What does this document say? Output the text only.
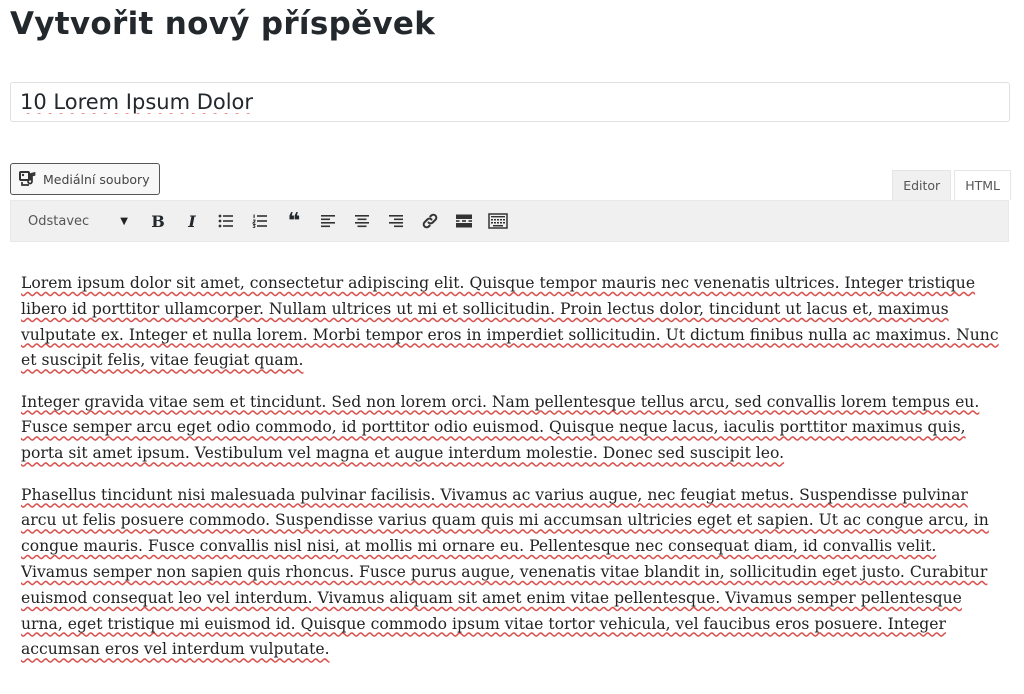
Vytvořit nový příspěvek
10 Lorem Ipsum Dolor
Mediální soubory	Editor	HTML
Odstavec	▼ B I	❝

Lorem ipsum dolor sit amet, consectetur adipiscing elit. Quisque tempor mauris nec venenatis ultrices. Integer tristique libero id porttitor ullamcorper. Nullam ultrices ut mi et sollicitudin. Proin lectus dolor, tincidunt ut lacus et, maximus vulputate ex. Integer et nulla lorem. Morbi tempor eros in imperdiet sollicitudin. Ut dictum finibus nulla ac maximus. Nunc et suscipit felis, vitae feugiat quam.

Integer gravida vitae sem et tincidunt. Sed non lorem orci. Nam pellentesque tellus arcu, sed convallis lorem tempus eu. Fusce semper arcu eget odio commodo, id porttitor odio euismod. Quisque neque lacus, iaculis porttitor maximus quis, porta sit amet ipsum. Vestibulum vel magna et augue interdum molestie. Donec sed suscipit leo.

Phasellus tincidunt nisi malesuada pulvinar facilisis. Vivamus ac varius augue, nec feugiat metus. Suspendisse pulvinar arcu ut felis posuere commodo. Suspendisse varius quam quis mi accumsan ultricies eget et sapien. Ut ac congue arcu, in congue mauris. Fusce convallis nisl nisi, at mollis mi ornare eu. Pellentesque nec consequat diam, id convallis velit. Vivamus semper non sapien quis rhoncus. Fusce purus augue, venenatis vitae blandit in, sollicitudin eget justo. Curabitur euismod consequat leo vel interdum. Vivamus aliquam sit amet enim vitae pellentesque. Vivamus semper pellentesque urna, eget tristique mi euismod id. Quisque commodo ipsum vitae tortor vehicula, vel faucibus eros posuere. Integer accumsan eros vel interdum vulputate.
